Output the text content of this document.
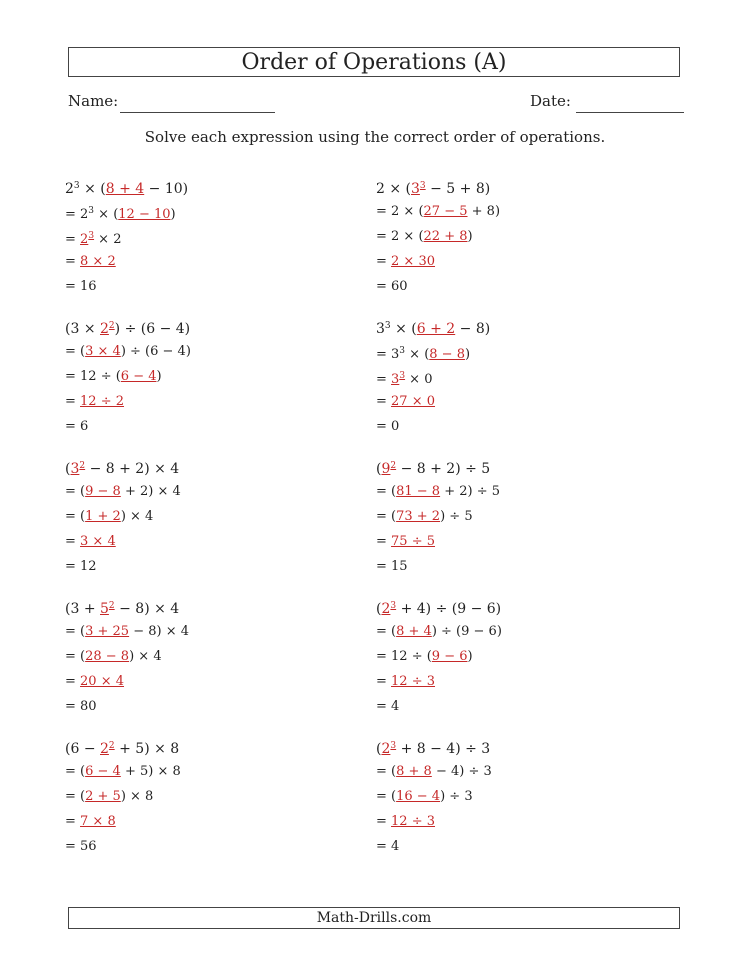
Order of Operations (A)
Name:	Date:
Solve each expression using the correct order of operations.
$2^3 \times (8 + 4 - 10)$
= $2^3 \times (12 - 10)$
= $2^3 \times 2$
= 8 × 2
= 16
$2 \times (3^3 - 5 + 8)$
= 2 × (27 − 5 + 8)
= 2 × (22 + 8)
= 2 × 30
= 60
$(3 \times 2^2) \div (6 - 4)$
= (3 × 4) ÷ (6 − 4)
= 12 ÷ (6 − 4)
= 12 ÷ 2
= 6
$3^3 \times (6 + 2 - 8)$
= $3^3 \times (8 - 8)$
= $3^3 \times 0$
= 27 × 0
= 0
$(3^2 - 8 + 2) \times 4$
= (9 − 8 + 2) × 4
= (1 + 2) × 4
= 3 × 4
= 12
$(9^2 - 8 + 2) \div 5$
= (81 − 8 + 2) ÷ 5
= (73 + 2) ÷ 5
= 75 ÷ 5
= 15
$(3 + 5^2 - 8) \times 4$
= (3 + 25 − 8) × 4
= (28 − 8) × 4
= 20 × 4
= 80
$(2^3 + 4) \div (9 - 6)$
= (8 + 4) ÷ (9 − 6)
= 12 ÷ (9 − 6)
= 12 ÷ 3
= 4
$(6 - 2^2 + 5) \times 8$
= (6 − 4 + 5) × 8
= (2 + 5) × 8
= 7 × 8
= 56
$(2^3 + 8 - 4) \div 3$
= (8 + 8 − 4) ÷ 3
= (16 − 4) ÷ 3
= 12 ÷ 3
= 4
Math-Drills.com
